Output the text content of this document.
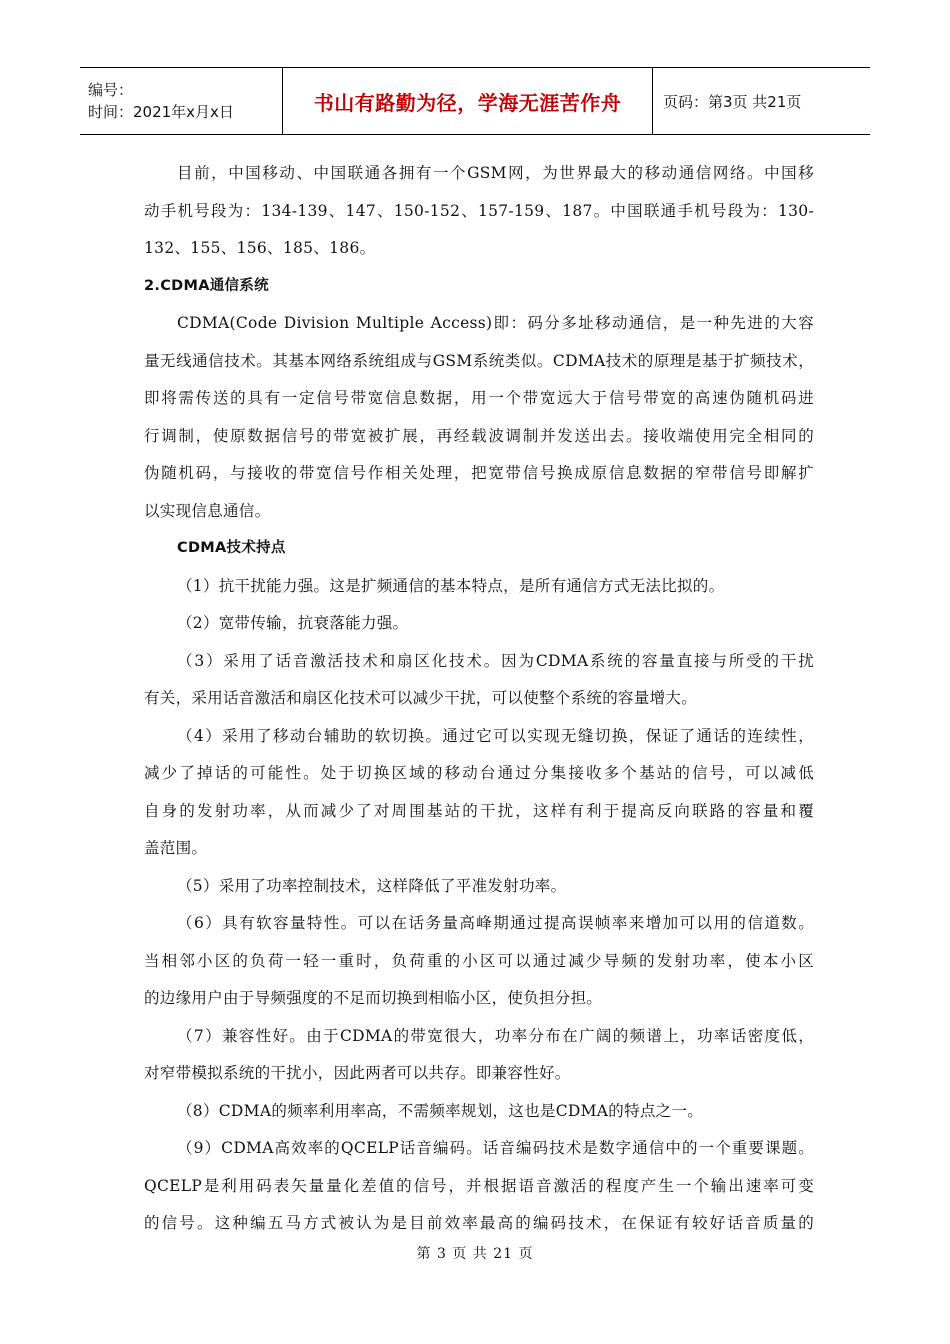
编号：
时间：2021年x月x日	书山有路勤为径，学海无涯苦作舟	页码：第3页 共21页
目前，中国移动、中国联通各拥有一个GSM网，为世界最大的移动通信网络。中国移
动手机号段为：134-139、147、150-152、157-159、187。中国联通手机号段为：130-
132、155、156、185、186。
2.CDMA通信系统
CDMA(Code Division Multiple Access)即：码分多址移动通信，是一种先进的大容
量无线通信技术。其基本网络系统组成与GSM系统类似。CDMA技术的原理是基于扩频技术，
即将需传送的具有一定信号带宽信息数据，用一个带宽远大于信号带宽的高速伪随机码进
行调制，使原数据信号的带宽被扩展，再经载波调制并发送出去。接收端使用完全相同的
伪随机码，与接收的带宽信号作相关处理，把宽带信号换成原信息数据的窄带信号即解扩
以实现信息通信。
CDMA技术持点
（1）抗干扰能力强。这是扩频通信的基本特点，是所有通信方式无法比拟的。
（2）宽带传输，抗衰落能力强。
（3）采用了话音激活技术和扇区化技术。因为CDMA系统的容量直接与所受的干扰
有关，采用话音激活和扇区化技术可以减少干扰，可以使整个系统的容量增大。
（4）采用了移动台辅助的软切换。通过它可以实现无缝切换，保证了通话的连续性，
减少了掉话的可能性。处于切换区域的移动台通过分集接收多个基站的信号，可以减低
自身的发射功率，从而减少了对周围基站的干扰，这样有利于提高反向联路的容量和覆
盖范围。
（5）采用了功率控制技术，这样降低了平准发射功率。
（6）具有软容量特性。可以在话务量高峰期通过提高误帧率来增加可以用的信道数。
当相邻小区的负荷一轻一重时，负荷重的小区可以通过减少导频的发射功率，使本小区
的边缘用户由于导频强度的不足而切换到相临小区，使负担分担。
（7）兼容性好。由于CDMA的带宽很大，功率分布在广阔的频谱上，功率话密度低，
对窄带模拟系统的干扰小，因此两者可以共存。即兼容性好。
（8）CDMA的频率利用率高，不需频率规划，这也是CDMA的特点之一。
（9）CDMA高效率的QCELP话音编码。话音编码技术是数字通信中的一个重要课题。
QCELP是利用码表矢量量化差值的信号，并根据语音激活的程度产生一个输出速率可变
的信号。这种编五马方式被认为是目前效率最高的编码技术，在保证有较好话音质量的
第 3 页 共 21 页
